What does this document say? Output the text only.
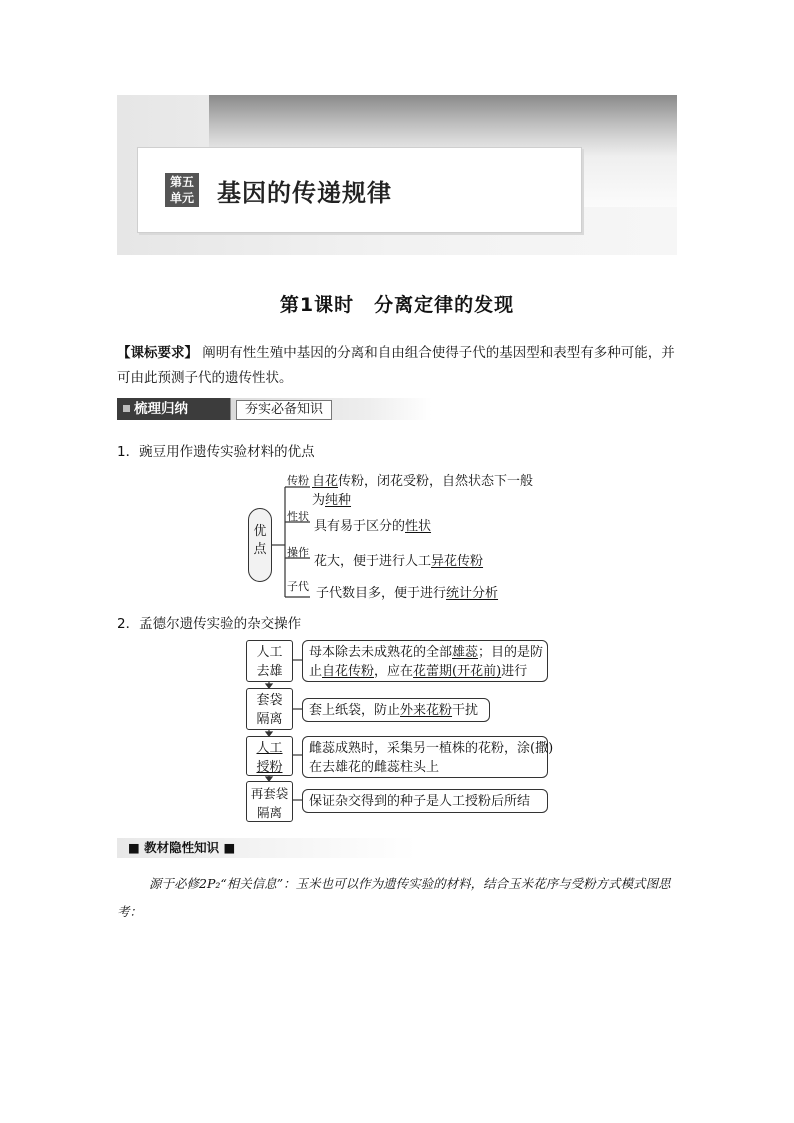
第五
单元 基因的传递规律
第1课时　分离定律的发现
【课标要求】 阐明有性生殖中基因的分离和自由组合使得子代的基因型和表型有多种可能，并可由此预测子代的遗传性状。
梳理归纳	夯实必备知识
1．豌豆用作遗传实验材料的优点
优
点
传粉 自花传粉，闭花受粉，自然状态下一般
为纯种
性状
具有易于区分的性状
操作
花大，便于进行人工异花传粉
子代 子代数目多，便于进行统计分析
2．孟德尔遗传实验的杂交操作
人工
去雄
母本除去未成熟花的全部雄蕊；目的是防
止自花传粉，应在花蕾期(开花前)进行
套袋
隔离
套上纸袋，防止外来花粉干扰
人工
授粉
雌蕊成熟时，采集另一植株的花粉，涂(撒)
在去雄花的雌蕊柱头上
再套袋
隔离
保证杂交得到的种子是人工授粉后所结
■ 教材隐性知识 ■
源于必修2P₂“相关信息”：玉米也可以作为遗传实验的材料，结合玉米花序与受粉方式模式图思考：
